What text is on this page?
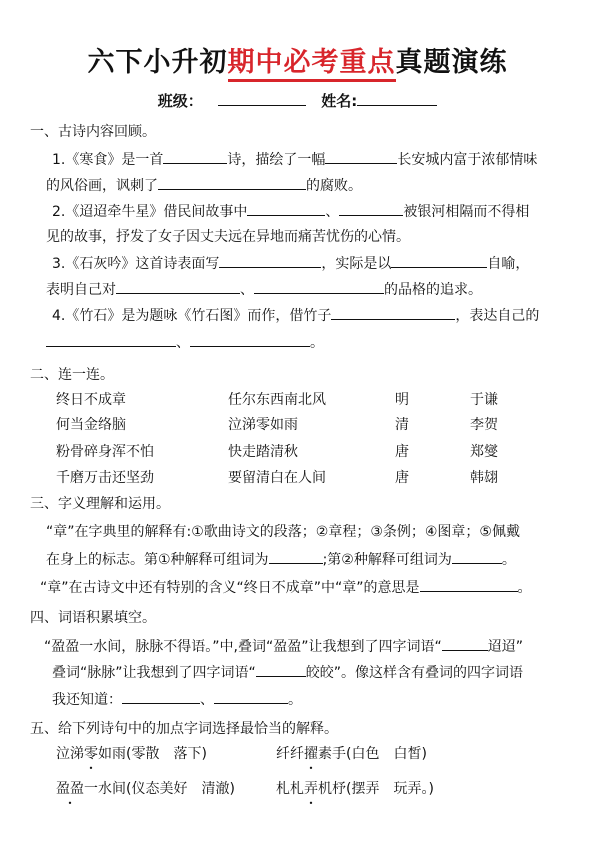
六下小升初期中必考重点真题演练
班级：	姓名:
一、古诗内容回顾。
1.《寒食》是一首	诗，描绘了一幅	长安城内富于浓郁情味
的风俗画，讽刺了	的腐败。
2.《迢迢牵牛星》借民间故事中	、	被银河相隔而不得相
见的故事，抒发了女子因丈夫远在异地而痛苦忧伤的心情。
3.《石灰吟》这首诗表面写	，实际是以	自喻，
表明自己对	、	的品格的追求。
4.《竹石》是为题咏《竹石图》而作，借竹子	，表达自己的
、	。
二、连一连。
终日不成章	任尔东西南北风	明	于谦
何当金络脑	泣涕零如雨	清	李贺
粉骨碎身浑不怕	快走踏清秋	唐	郑燮
千磨万击还坚劲	要留清白在人间	唐	韩翃
三、字义理解和运用。
“章”在字典里的解释有:①歌曲诗文的段落；②章程；③条例；④图章；⑤佩戴
在身上的标志。第①种解释可组词为	;第②种解释可组词为	。
“章”在古诗文中还有特别的含义“终日不成章”中“章”的意思是	。
四、词语积累填空。
“盈盈一水间，脉脉不得语。”中,叠词“盈盈”让我想到了四字词语“	迢迢”
叠词“脉脉”让我想到了四字词语“	皎皎”。像这样含有叠词的四字词语
我还知道：	、	。
五、给下列诗句中的加点字词选择最恰当的解释。
泣涕零如雨(零散　落下)	纤纤擢素手(白色　白皙)
盈盈一水间(仪态美好　清澈)	札札弄机杼(摆弄　玩弄。)
